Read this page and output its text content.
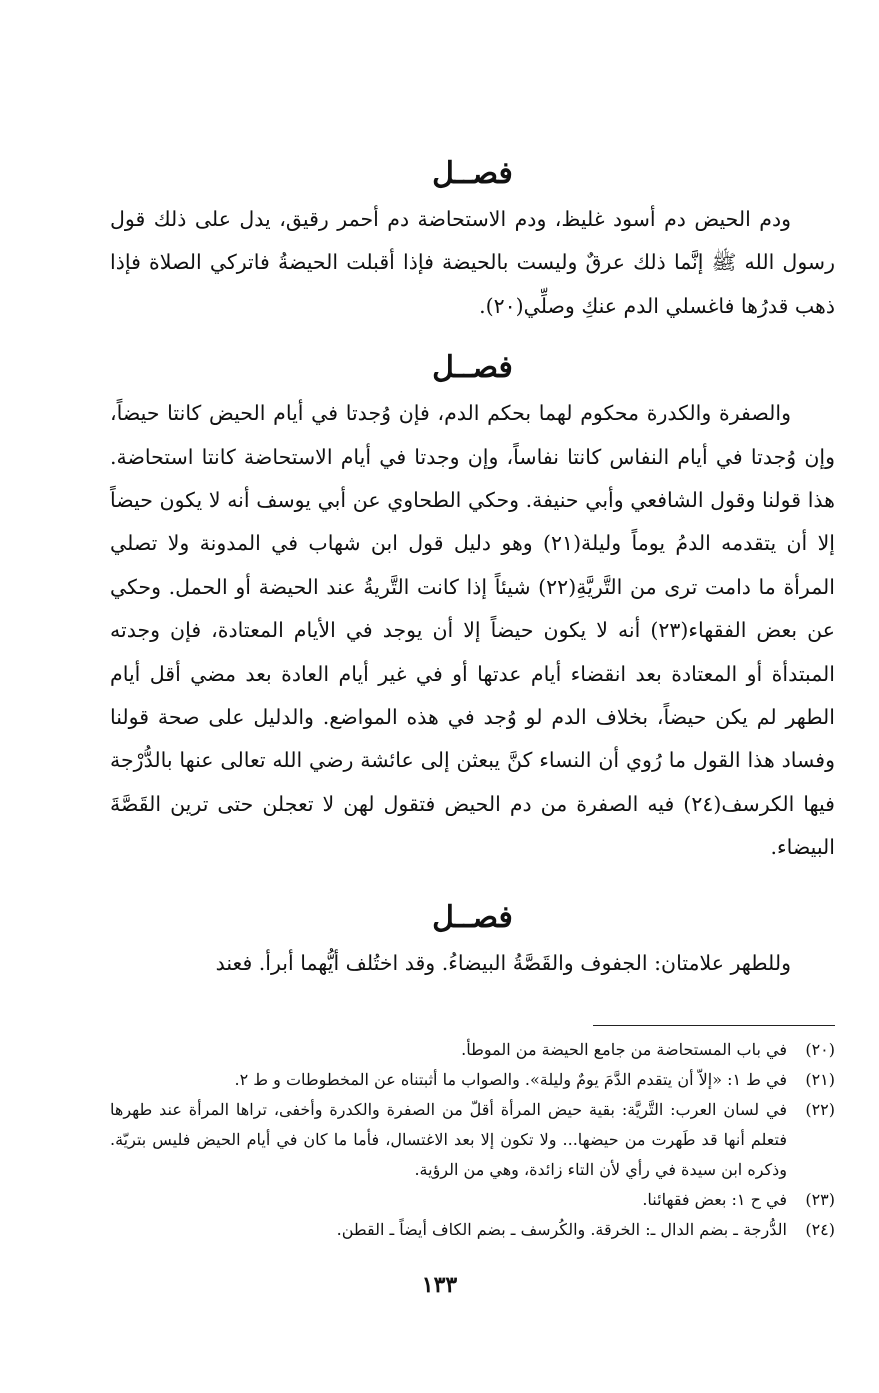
فصــل
ودم الحيض دم أسود غليظ، ودم الاستحاضة دم أحمر رقيق، يدل على ذلك قول رسول الله ﷺ إنَّما ذلك عرقٌ وليست بالحيضة فإذا أقبلت الحيضةُ فاتركي الصلاة فإذا ذهب قدرُها فاغسلي الدم عنكِ وصلِّي(٢٠).
فصــل
والصفرة والكدرة محكوم لهما بحكم الدم، فإن وُجدتا في أيام الحيض كانتا حيضاً، وإن وُجدتا في أيام النفاس كانتا نفاساً، وإن وجدتا في أيام الاستحاضة كانتا استحاضة. هذا قولنا وقول الشافعي وأبي حنيفة. وحكي الطحاوي عن أبي يوسف أنه لا يكون حيضاً إلا أن يتقدمه الدمُ يوماً وليلة(٢١) وهو دليل قول ابن شهاب في المدونة ولا تصلي المرأة ما دامت ترى من التَّريَّةِ(٢٢) شيئاً إذا كانت التَّريةُ عند الحيضة أو الحمل. وحكي عن بعض الفقهاء(٢٣) أنه لا يكون حيضاً إلا أن يوجد في الأيام المعتادة، فإن وجدته المبتدأة أو المعتادة بعد انقضاء أيام عدتها أو في غير أيام العادة بعد مضي أقل أيام الطهر لم يكن حيضاً، بخلاف الدم لو وُجد في هذه المواضع. والدليل على صحة قولنا وفساد هذا القول ما رُوي أن النساء كنَّ يبعثن إلى عائشة رضي الله تعالى عنها بالدُّرْجة فيها الكرسف(٢٤) فيه الصفرة من دم الحيض فتقول لهن لا تعجلن حتى ترين القَصَّةَ البيضاء.
فصــل
وللطهر علامتان: الجفوف والقَصَّةُ البيضاءُ. وقد اختُلف أيُّهما أبرأ. فعند
(٢٠)
في باب المستحاضة من جامع الحيضة من الموطأ.
(٢١)
في ط ١: «إلاّ أن يتقدم الدَّمَ يومٌ وليلة». والصواب ما أثبتناه عن المخطوطات و ط ٢.
(٢٢)
في لسان العرب: التَّريَّة: بقية حيض المرأة أقلّ من الصفرة والكدرة وأخفى، تراها المرأة عند طهرها فتعلم أنها قد طَهرت من حيضها... ولا تكون إلا بعد الاغتسال، فأما ما كان في أيام الحيض فليس بتريّة. وذكره ابن سيدة في رأي لأن التاء زائدة، وهي من الرؤية.
(٢٣)
في ح ١: بعض فقهائنا.
(٢٤)
الدُّرجة ـ بضم الدال ـ: الخرقة. والكُرسف ـ بضم الكاف أيضاً ـ القطن.
١٣٣
